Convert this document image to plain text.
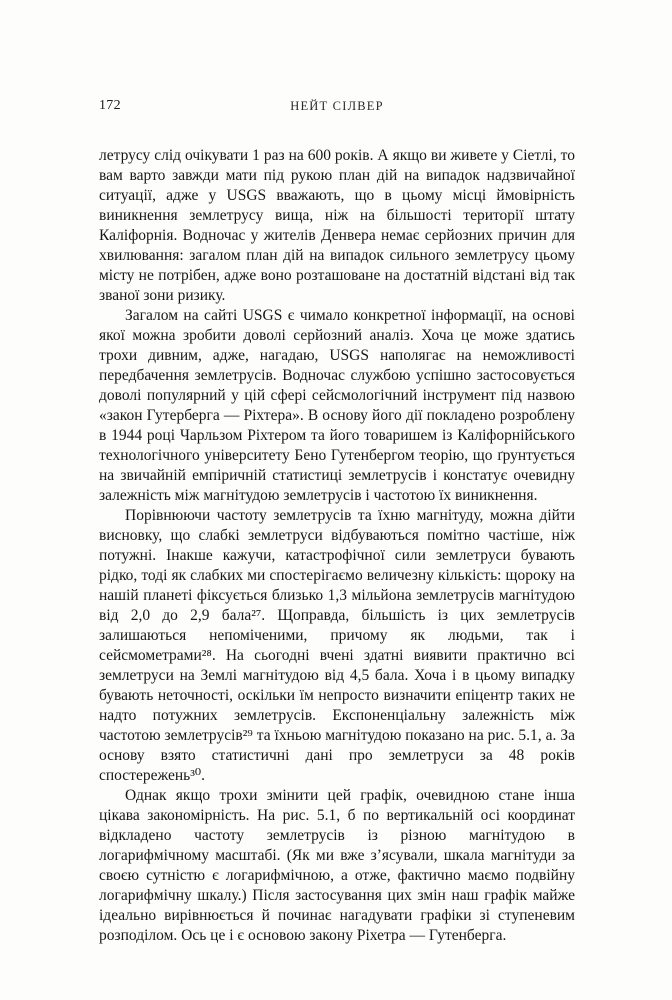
172	НЕЙТ СІЛВЕР

летрусу слід очікувати 1 раз на 600 років. А якщо ви живете у Сіетлі, то вам варто завжди мати під рукою план дій на випадок надзвичайної ситуації, адже у USGS вважають, що в цьому місці ймовірність виникнення землетрусу вища, ніж на більшості території штату Каліфорнія. Водночас у жителів Денвера немає серйозних причин для хвилювання: загалом план дій на випадок сильного землетрусу цьому місту не потрібен, адже воно розташоване на достатній відстані від так званої зони ризику.

Загалом на сайті USGS є чимало конкретної інформації, на основі якої можна зробити доволі серйозний аналіз. Хоча це може здатись трохи дивним, адже, нагадаю, USGS наполягає на неможливості передбачення землетрусів. Водночас службою успішно застосовується доволі популярний у цій сфері сейсмологічний інструмент під назвою «закон Гутерберга — Ріхтера». В основу його дії покладено розроблену в 1944 році Чарльзом Ріхтером та його товаришем із Каліфорнійського технологічного університету Бено Гутенбергом теорію, що ґрунтується на звичайній емпіричній статистиці землетрусів і констатує очевидну залежність між магнітудою землетрусів і частотою їх виникнення.

Порівнюючи частоту землетрусів та їхню магнітуду, можна дійти висновку, що слабкі землетруси відбуваються помітно частіше, ніж потужні. Інакше кажучи, катастрофічної сили землетруси бувають рідко, тоді як слабких ми спостерігаємо величезну кількість: щороку на нашій планеті фіксується близько 1,3 мільйона землетрусів магнітудою від 2,0 до 2,9 бала²⁷. Щоправда, більшість із цих землетрусів залишаються непоміченими, причому як людьми, так і сейсмометрами²⁸. На сьогодні вчені здатні виявити практично всі землетруси на Землі магнітудою від 4,5 бала. Хоча і в цьому випадку бувають неточності, оскільки їм непросто визначити епіцентр таких не надто потужних землетрусів. Експоненціальну залежність між частотою землетрусів²⁹ та їхньою магнітудою показано на рис. 5.1, а. За основу взято статистичні дані про землетруси за 48 років спостережень³⁰.

Однак якщо трохи змінити цей графік, очевидною стане інша цікава закономірність. На рис. 5.1, б по вертикальній осі координат відкладено частоту землетрусів із різною магнітудою в логарифмічному масштабі. (Як ми вже з’ясували, шкала магнітуди за своєю сутністю є логарифмічною, а отже, фактично маємо подвійну логарифмічну шкалу.) Після застосування цих змін наш графік майже ідеально вирівнюється й починає нагадувати графіки зі ступеневим розподілом. Ось це і є основою закону Ріхетра — Гутенберга.
